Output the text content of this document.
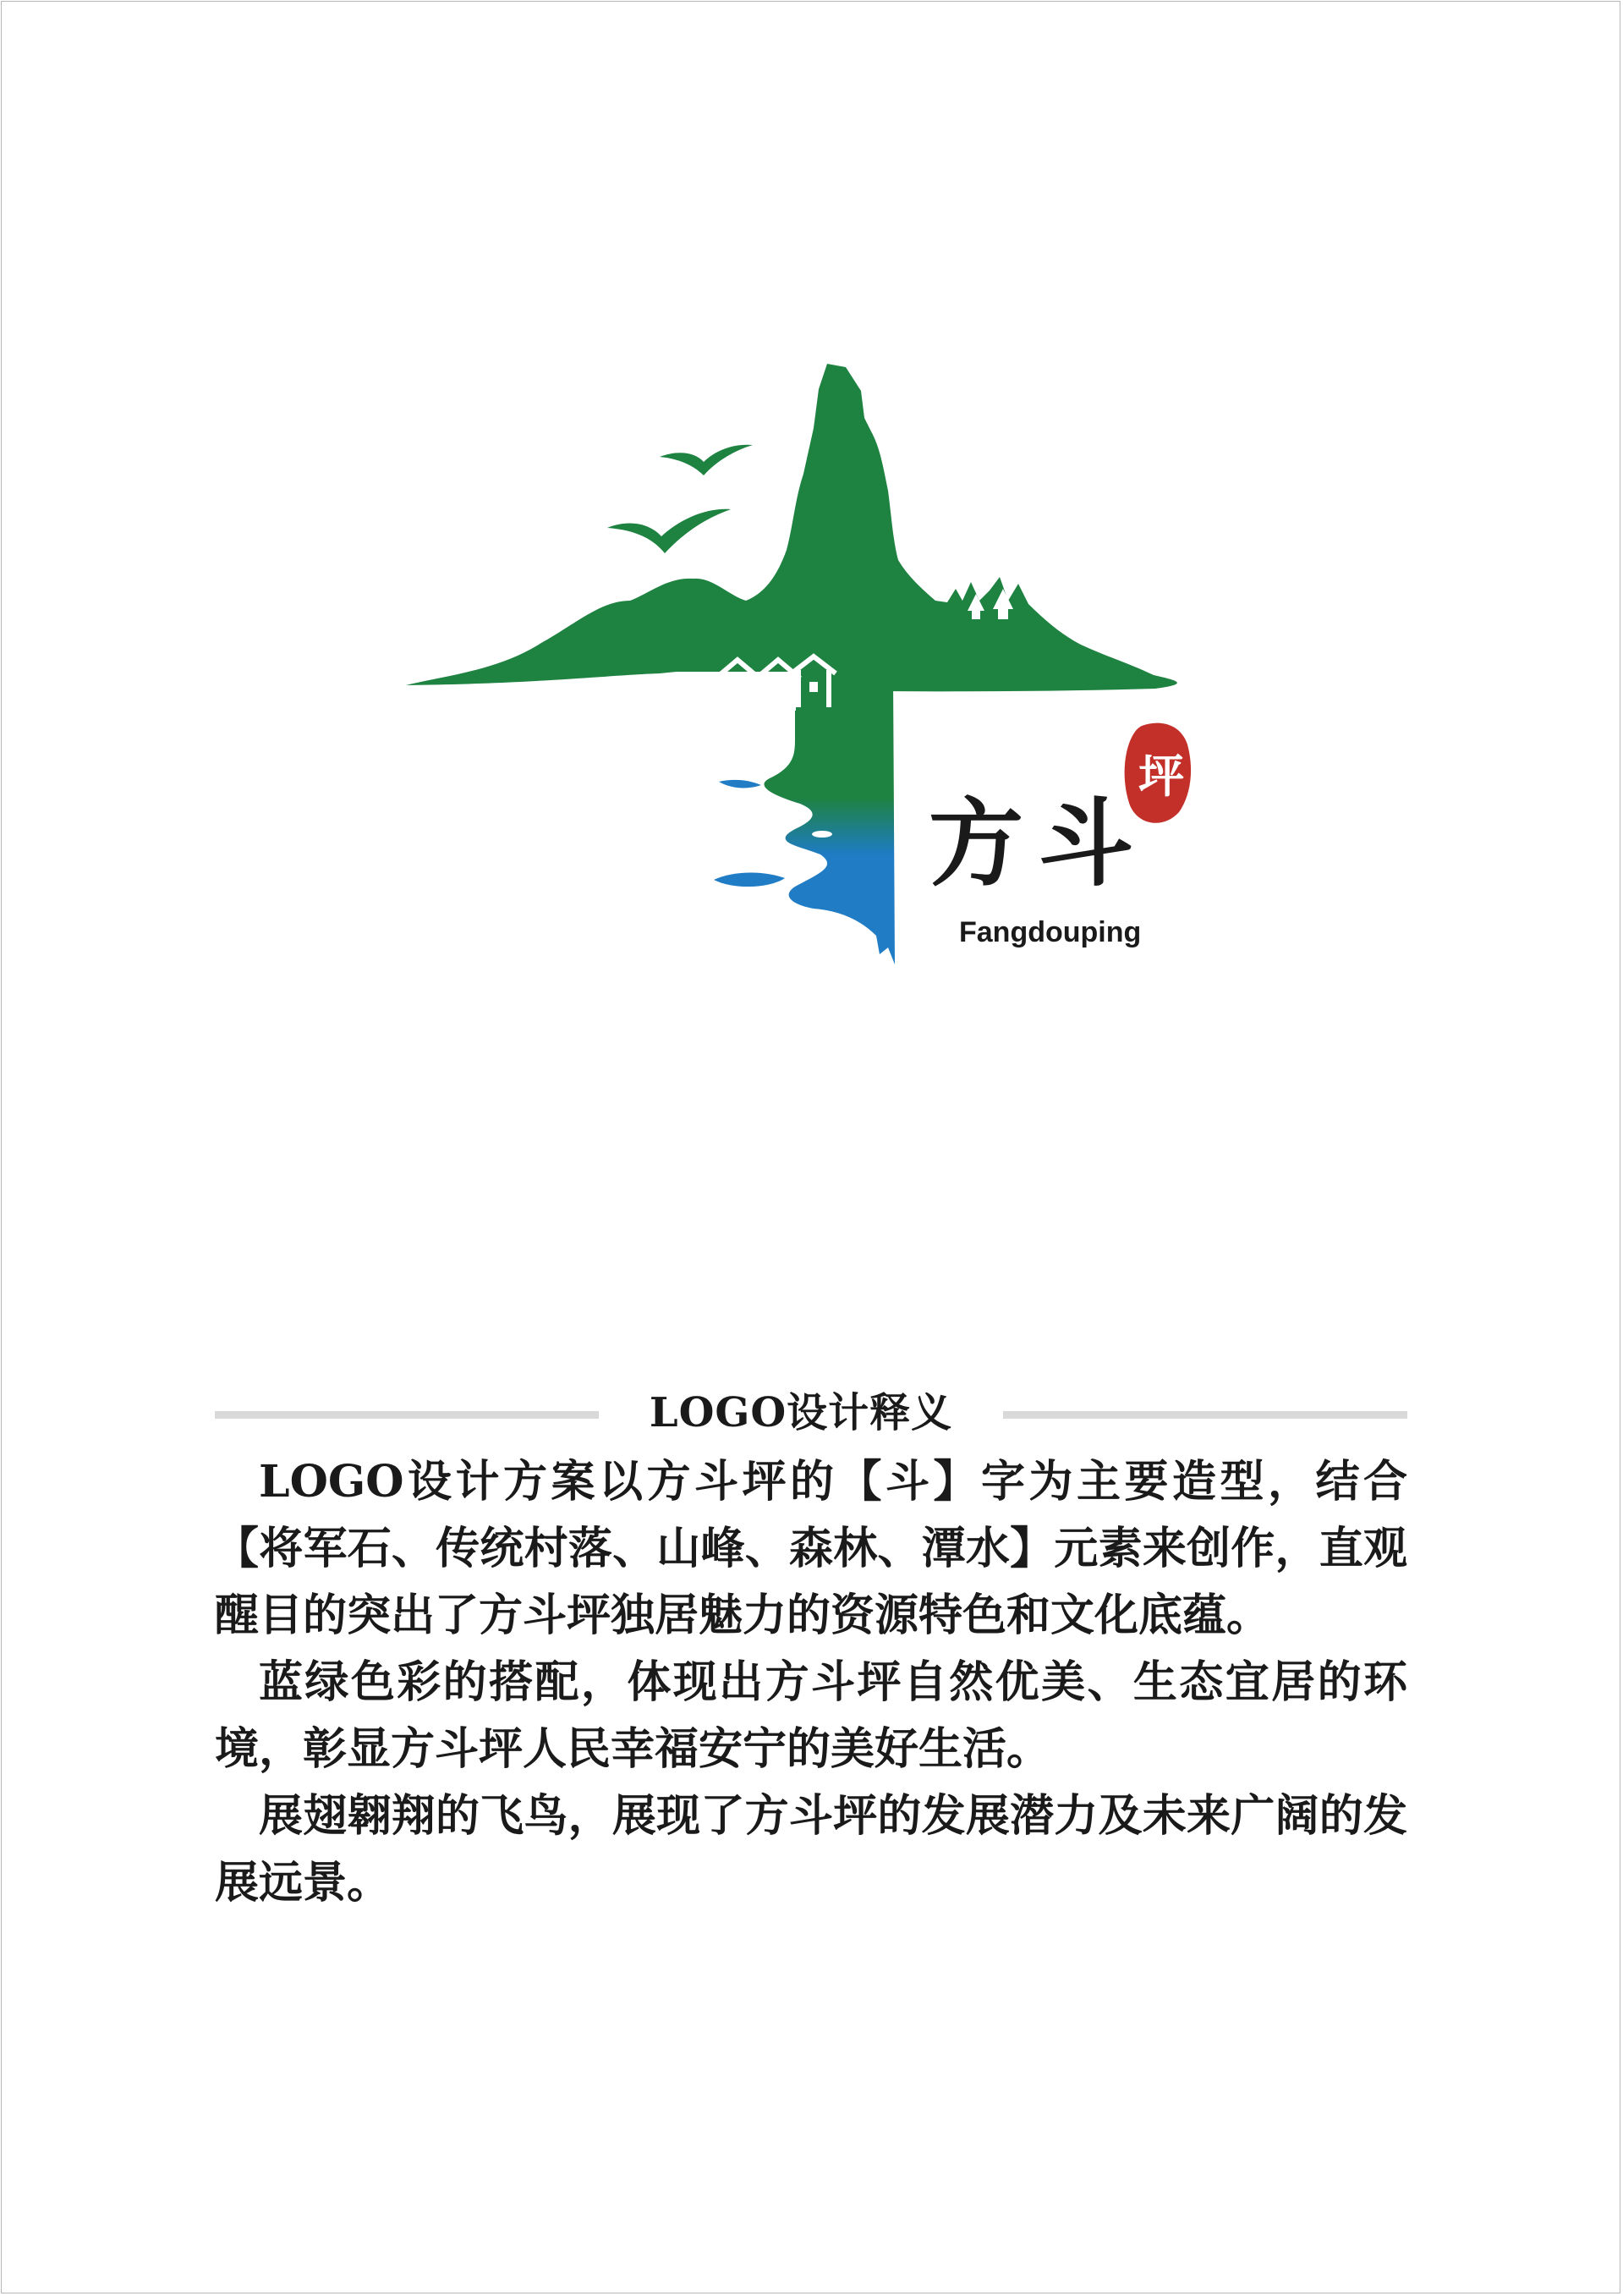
坪
方斗
Fangdouping
LOGO设计释义

LOGO设计方案以方斗坪的【斗】字为主要造型，结合【将军石、传统村落、山峰、森林、潭水】元素来创作，直观醒目的突出了方斗坪独居魅力的资源特色和文化底蕴。

蓝绿色彩的搭配，体现出方斗坪自然优美、生态宜居的环境，彰显方斗坪人民幸福安宁的美好生活。

展翅翱翔的飞鸟，展现了方斗坪的发展潜力及未来广阔的发展远景。
